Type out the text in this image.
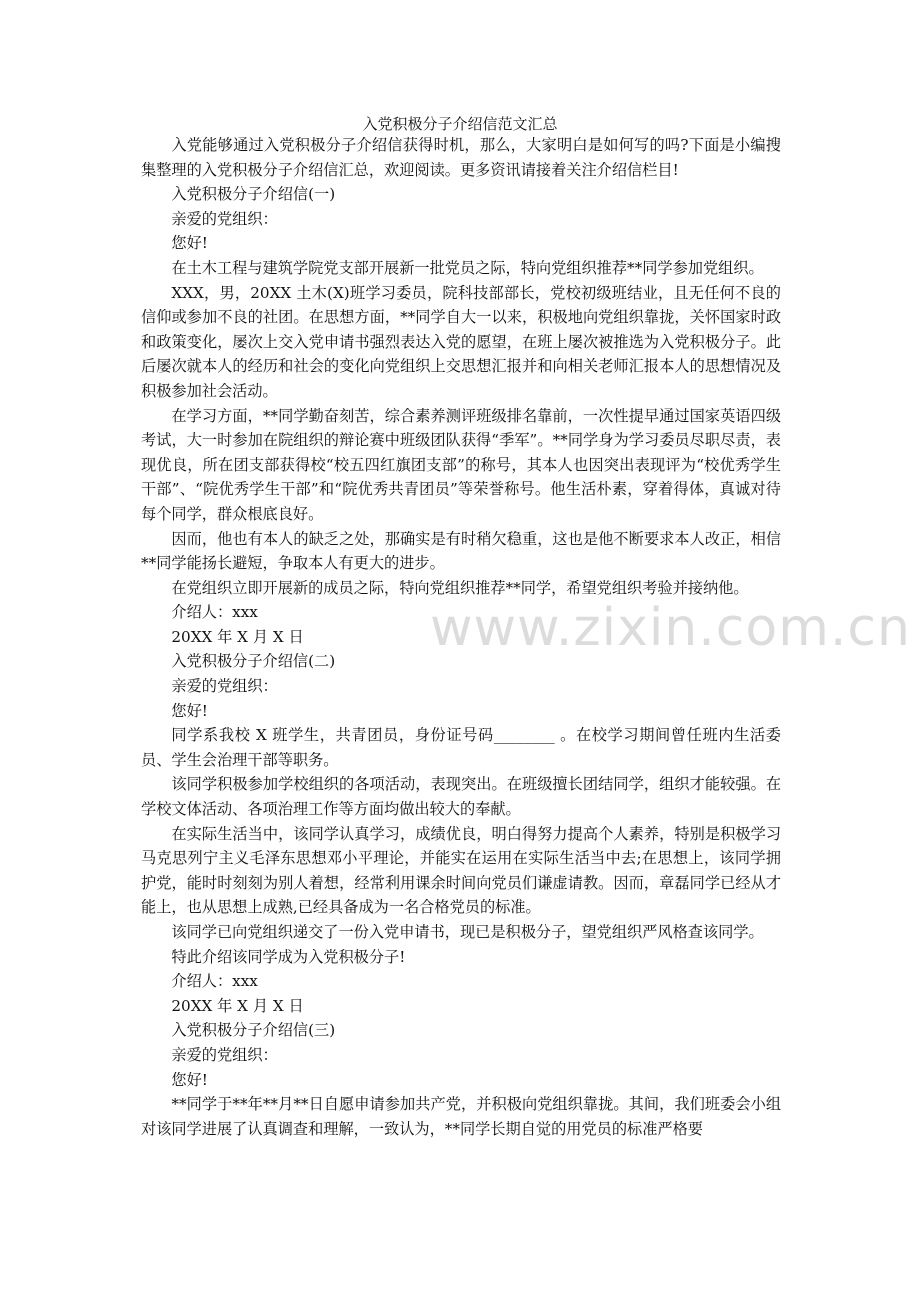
入党积极分子介绍信范文汇总

入党能够通过入党积极分子介绍信获得时机，那么，大家明白是如何写的吗?下面是小编搜集整理的入党积极分子介绍信汇总，欢迎阅读。更多资讯请接着关注介绍信栏目!

入党积极分子介绍信(一)

亲爱的党组织：

您好!

在土木工程与建筑学院党支部开展新一批党员之际，特向党组织推荐**同学参加党组织。

XXX，男，20XX 土木(X)班学习委员，院科技部部长，党校初级班结业，且无任何不良的信仰或参加不良的社团。在思想方面，**同学自大一以来，积极地向党组织靠拢，关怀国家时政和政策变化，屡次上交入党申请书强烈表达入党的愿望，在班上屡次被推选为入党积极分子。此后屡次就本人的经历和社会的变化向党组织上交思想汇报并和向相关老师汇报本人的思想情况及积极参加社会活动。

在学习方面，**同学勤奋刻苦，综合素养测评班级排名靠前，一次性提早通过国家英语四级考试，大一时参加在院组织的辩论赛中班级团队获得“季军”。**同学身为学习委员尽职尽责，表现优良，所在团支部获得校“校五四红旗团支部”的称号，其本人也因突出表现评为“校优秀学生干部”、“院优秀学生干部”和“院优秀共青团员”等荣誉称号。他生活朴素，穿着得体，真诚对待每个同学，群众根底良好。

因而，他也有本人的缺乏之处，那确实是有时稍欠稳重，这也是他不断要求本人改正，相信**同学能扬长避短，争取本人有更大的进步。

在党组织立即开展新的成员之际，特向党组织推荐**同学，希望党组织考验并接纳他。

介绍人：xxx

20XX 年 X 月 X 日

入党积极分子介绍信(二)

亲爱的党组织：

您好!

同学系我校 X 班学生，共青团员，身份证号码________ 。在校学习期间曾任班内生活委员、学生会治理干部等职务。

该同学积极参加学校组织的各项活动，表现突出。在班级擅长团结同学，组织才能较强。在学校文体活动、各项治理工作等方面均做出较大的奉献。

在实际生活当中，该同学认真学习，成绩优良，明白得努力提高个人素养，特别是积极学习马克思列宁主义毛泽东思想邓小平理论，并能实在运用在实际生活当中去;在思想上，该同学拥护党，能时时刻刻为别人着想，经常利用课余时间向党员们谦虚请教。因而，章磊同学已经从才能上，也从思想上成熟,已经具备成为一名合格党员的标准。

该同学已向党组织递交了一份入党申请书，现已是积极分子，望党组织严风格查该同学。

特此介绍该同学成为入党积极分子!

介绍人：xxx

20XX 年 X 月 X 日

入党积极分子介绍信(三)

亲爱的党组织：

您好!

**同学于**年**月**日自愿申请参加共产党，并积极向党组织靠拢。其间，我们班委会小组对该同学进展了认真调查和理解，一致认为，**同学长期自觉的用党员的标准严格要

www.zixin.com.cn
